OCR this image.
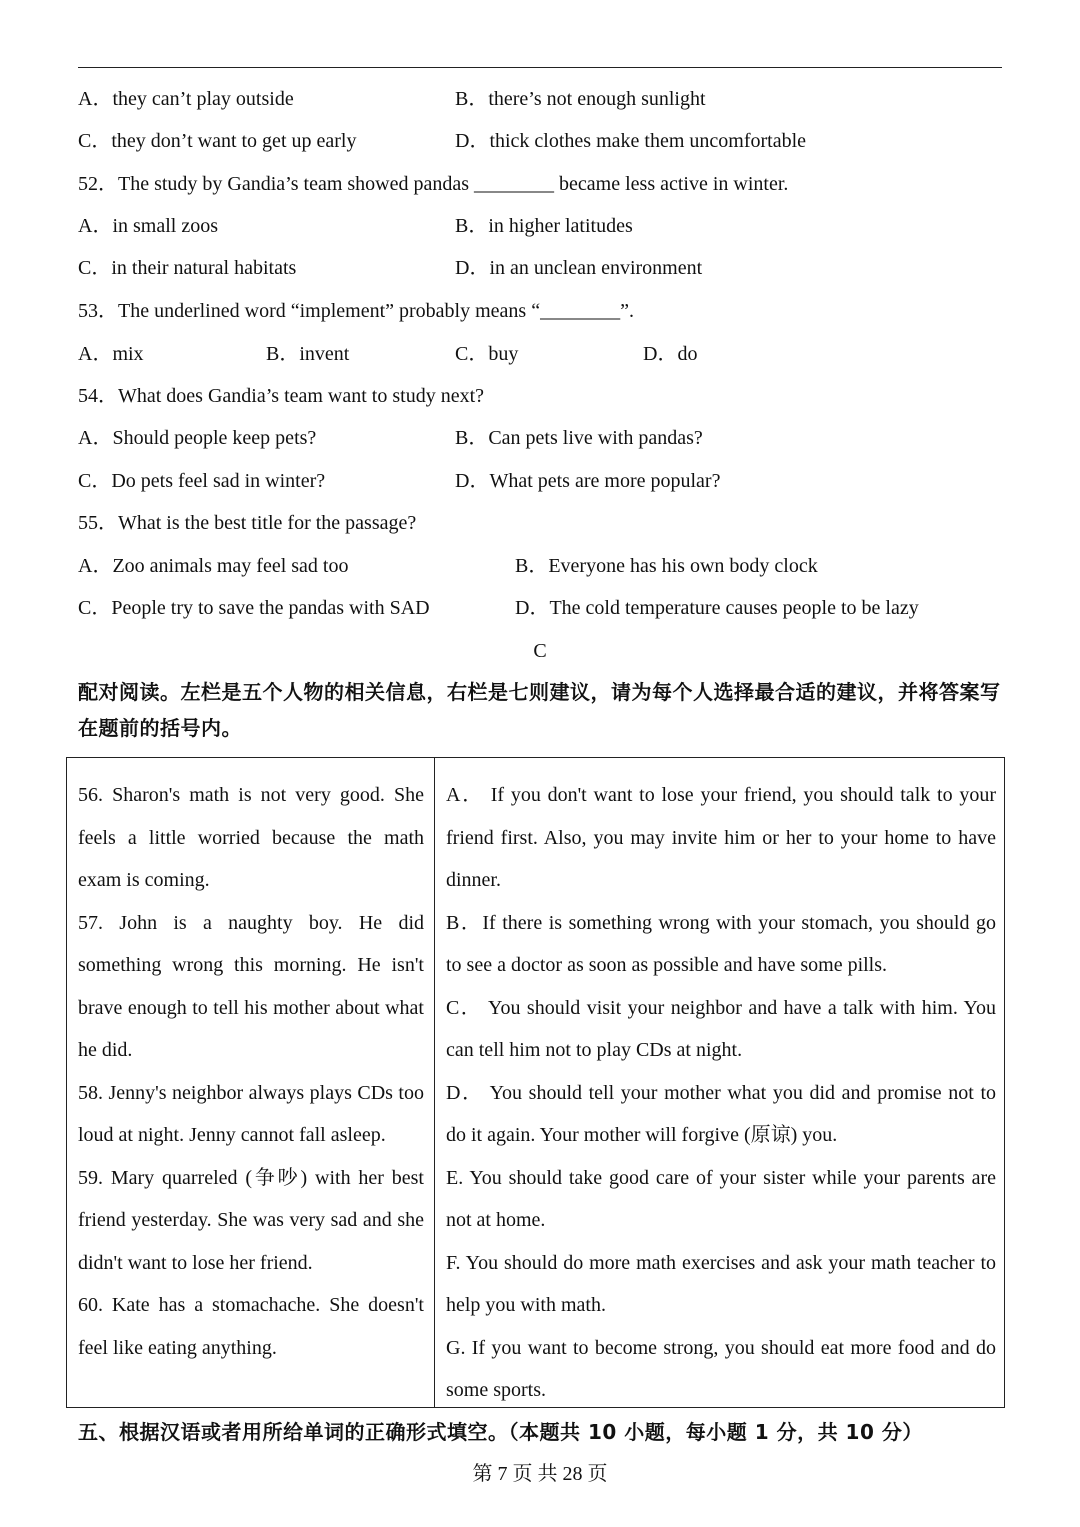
A．they can’t play outside	B．there’s not enough sunlight
C．they don’t want to get up early	D．thick clothes make them uncomfortable
52．The study by Gandia’s team showed pandas ________ became less active in winter.
A．in small zoos	B．in higher latitudes
C．in their natural habitats	D．in an unclean environment
53．The underlined word “implement” probably means “________”.
A．mix	B．invent	C．buy	D．do
54．What does Gandia’s team want to study next?
A．Should people keep pets?	B．Can pets live with pandas?
C．Do pets feel sad in winter?	D．What pets are more popular?
55．What is the best title for the passage?
A．Zoo animals may feel sad too	B．Everyone has his own body clock
C．People try to save the pandas with SAD	D．The cold temperature causes people to be lazy
C
配对阅读。左栏是五个人物的相关信息，右栏是七则建议，请为每个人选择最合适的建议，并将答案写在题前的括号内。

56. Sharon's math is not very good. She feels a little worried because the math exam is coming.

57. John is a naughty boy. He did something wrong this morning. He isn't brave enough to tell his mother about what he did.

58. Jenny's neighbor always plays CDs too loud at night. Jenny cannot fall asleep.

59. Mary quarreled (争吵) with her best friend yesterday. She was very sad and she didn't want to lose her friend.

60. Kate has a stomachache. She doesn't feel like eating anything.

A． If you don't want to lose your friend, you should talk to your friend first. Also, you may invite him or her to your home to have dinner.

B．If there is something wrong with your stomach, you should go to see a doctor as soon as possible and have some pills.

C． You should visit your neighbor and have a talk with him. You can tell him not to play CDs at night.

D． You should tell your mother what you did and promise not to do it again. Your mother will forgive (原谅) you.

E. You should take good care of your sister while your parents are not at home.

F. You should do more math exercises and ask your math teacher to help you with math.

G. If you want to become strong, you should eat more food and do some sports.

五、根据汉语或者用所给单词的正确形式填空。（本题共 10 小题，每小题 1 分，共 10 分）
第 7 页 共 28 页
